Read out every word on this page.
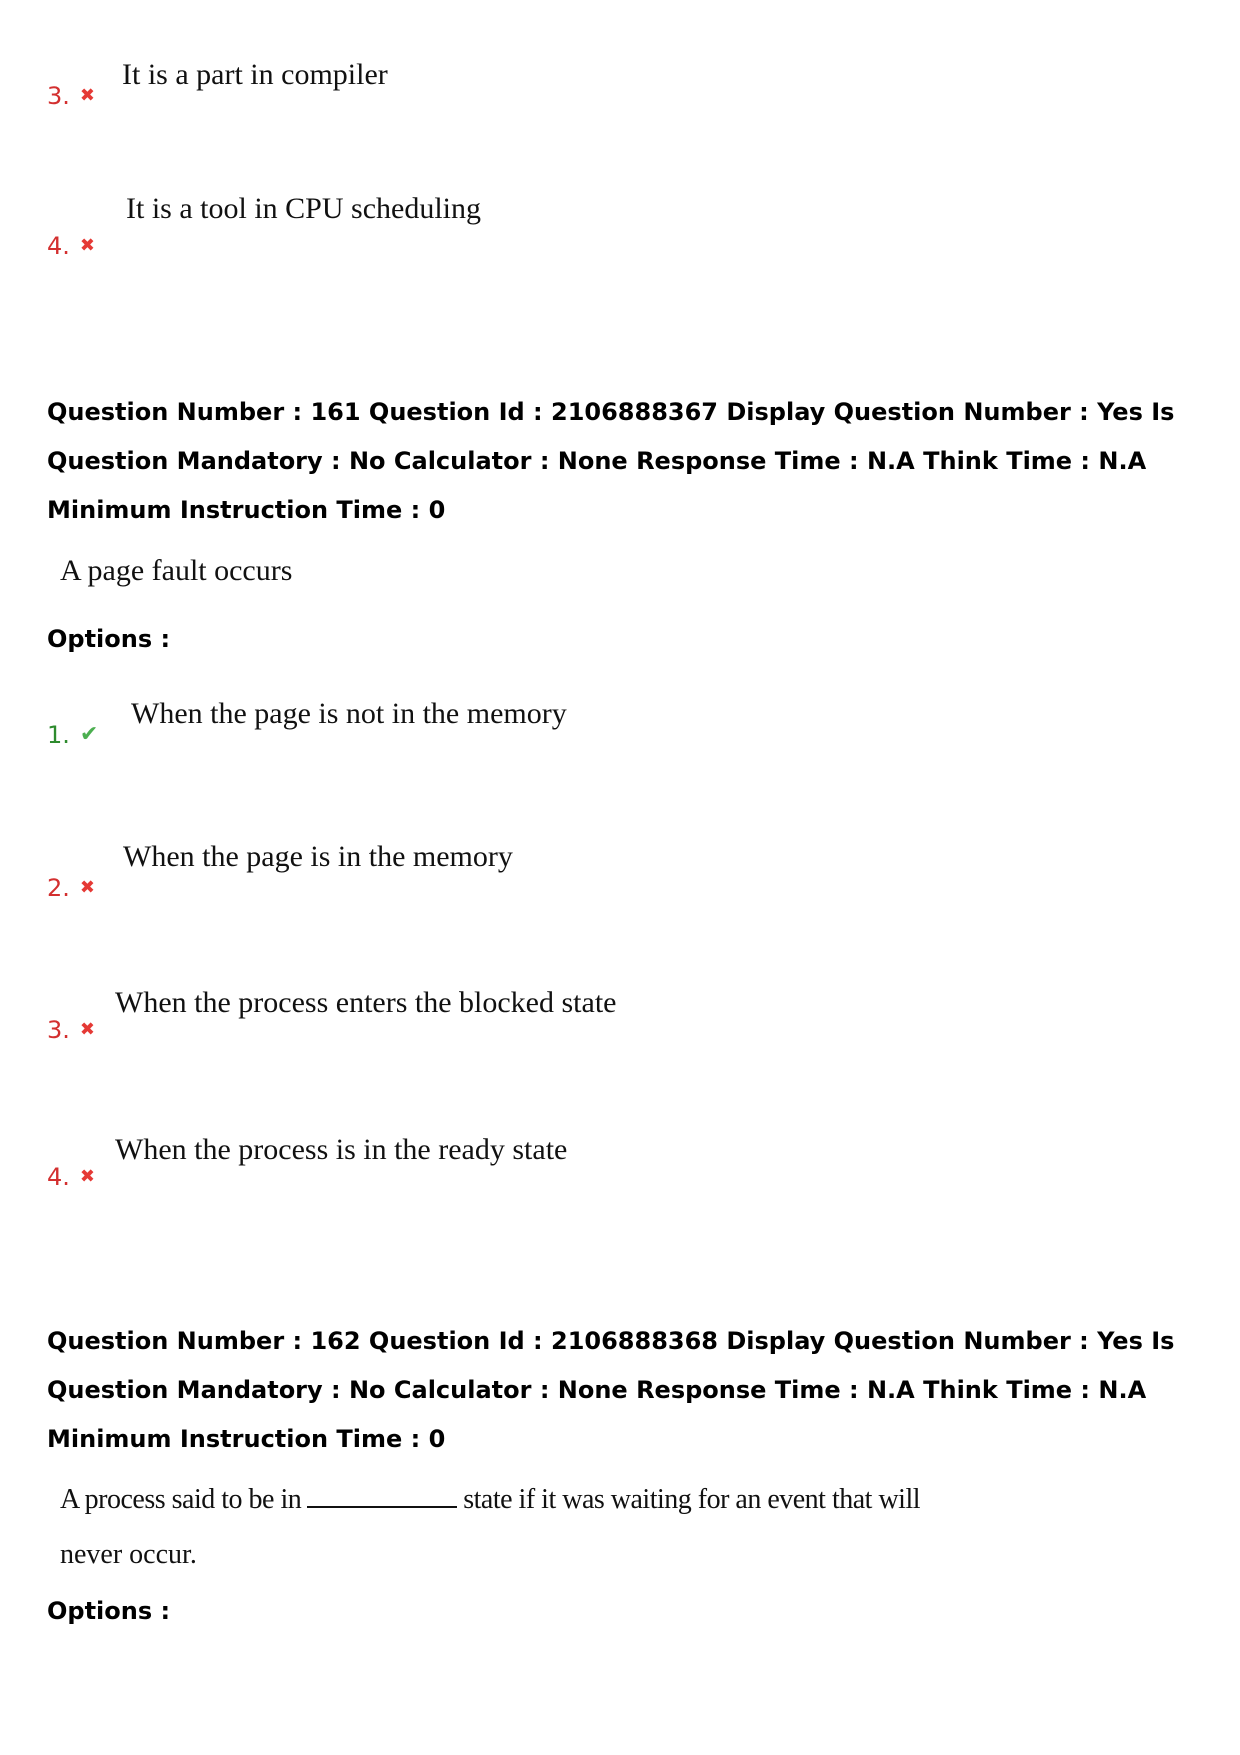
3. ✖
It is a part in compiler
4. ✖
It is a tool in CPU scheduling
Question Number : 161 Question Id : 2106888367 Display Question Number : Yes Is Question Mandatory : No Calculator : None Response Time : N.A Think Time : N.A Minimum Instruction Time : 0
A page fault occurs
Options :
1. ✔
When the page is not in the memory
2. ✖
When the page is in the memory
3. ✖
When the process enters the blocked state
4. ✖
When the process is in the ready state
Question Number : 162 Question Id : 2106888368 Display Question Number : Yes Is Question Mandatory : No Calculator : None Response Time : N.A Think Time : N.A Minimum Instruction Time : 0
A process said to be in	state if it was waiting for an event that will
never occur.
Options :
